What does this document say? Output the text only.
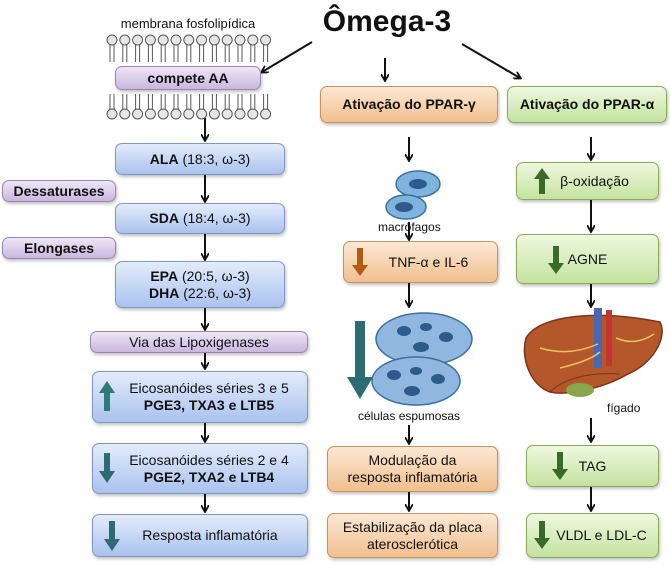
Ômega-3
membrana fosfolipídica
compete AA
ALA
(18:3, ω-3)
Dessaturases
SDA
(18:4, ω-3)
Elongases
EPA (20:5, ω-3)
DHA (22:6, ω-3)
Via das Lipoxigenases
Eicosanóides séries 3 e 5
PGE3, TXA3 e LTB5
Eicosanóides séries 2 e 4
PGE2, TXA2 e LTB4
Resposta inflamatória
Ativação do PPAR-γ
macrófagos
TNF-α e IL-6
células espumosas
Modulação da
resposta inflamatória
Estabilização da placa
aterosclerótica
Ativação do PPAR-α
β-oxidação
AGNE
fígado
TAG
VLDL e LDL-C
